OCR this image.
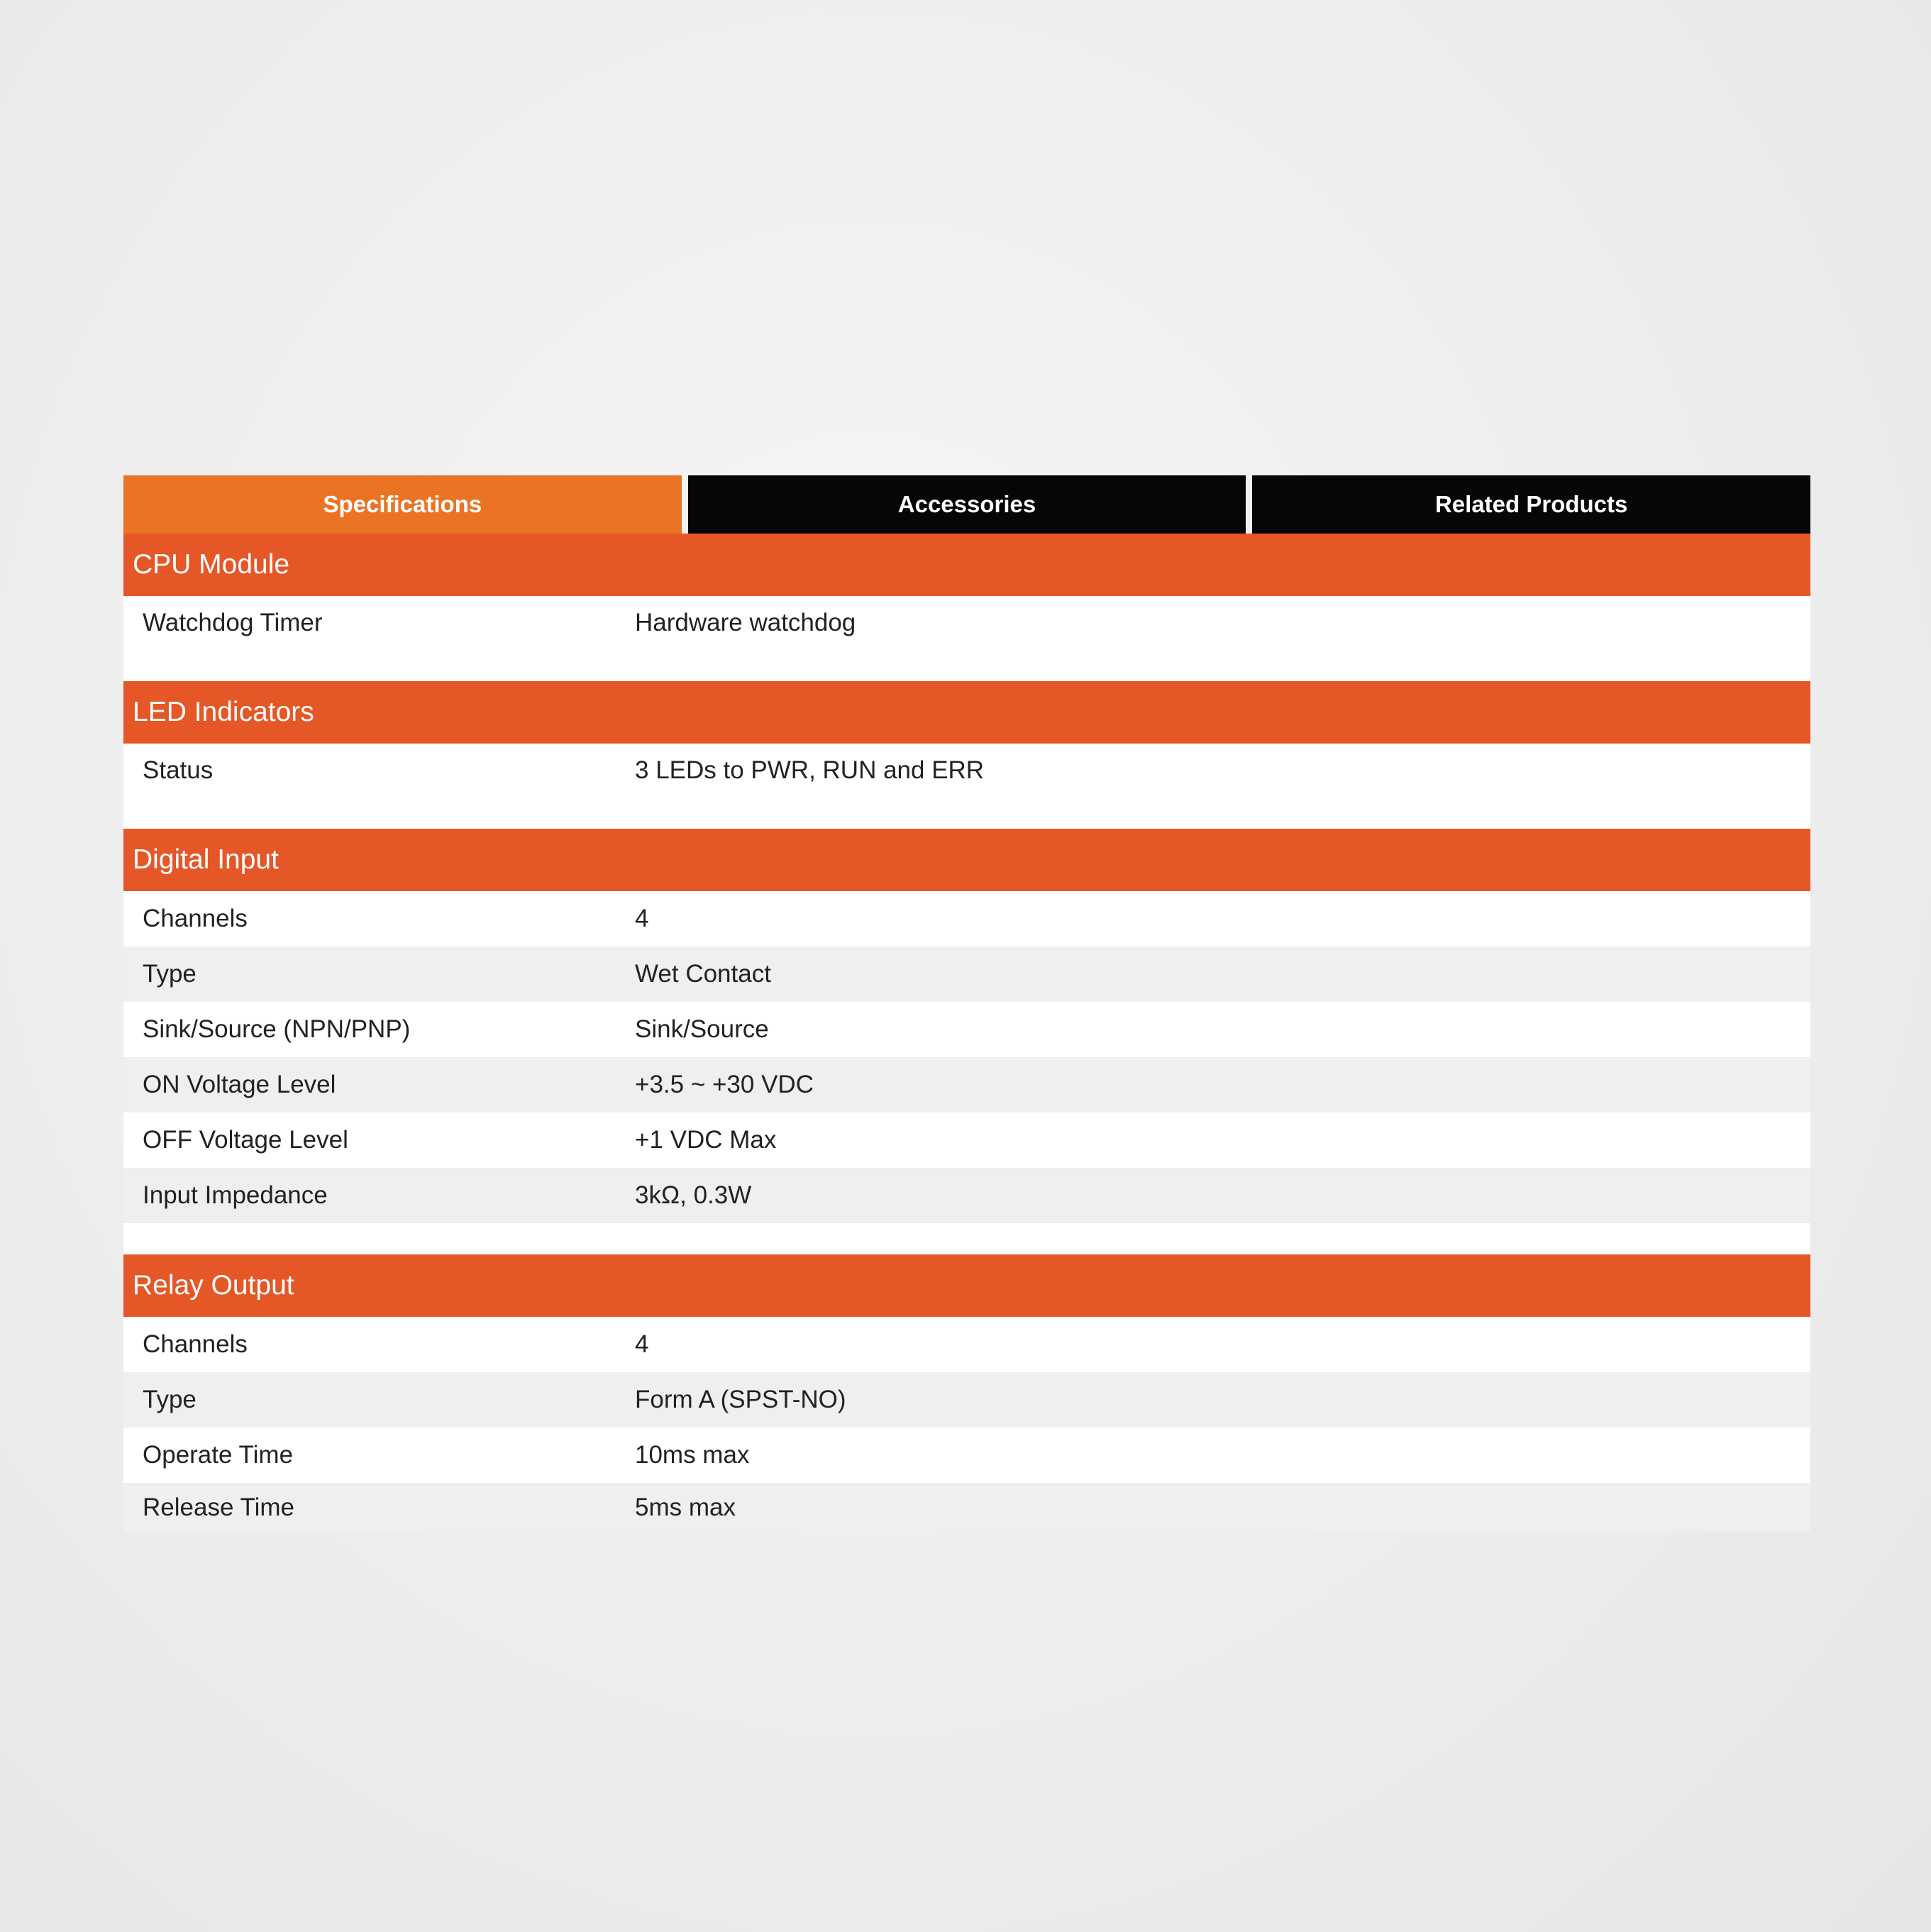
Specifications	Accessories	Related Products
CPU Module
Watchdog Timer	Hardware watchdog
LED Indicators
Status	3 LEDs to PWR, RUN and ERR
Digital Input
Channels	4
Type	Wet Contact
Sink/Source (NPN/PNP)	Sink/Source
ON Voltage Level	+3.5 ~ +30 VDC
OFF Voltage Level	+1 VDC Max
Input Impedance	3kΩ, 0.3W
Relay Output
Channels	4
Type	Form A (SPST-NO)
Operate Time	10ms max
Release Time	5ms max
